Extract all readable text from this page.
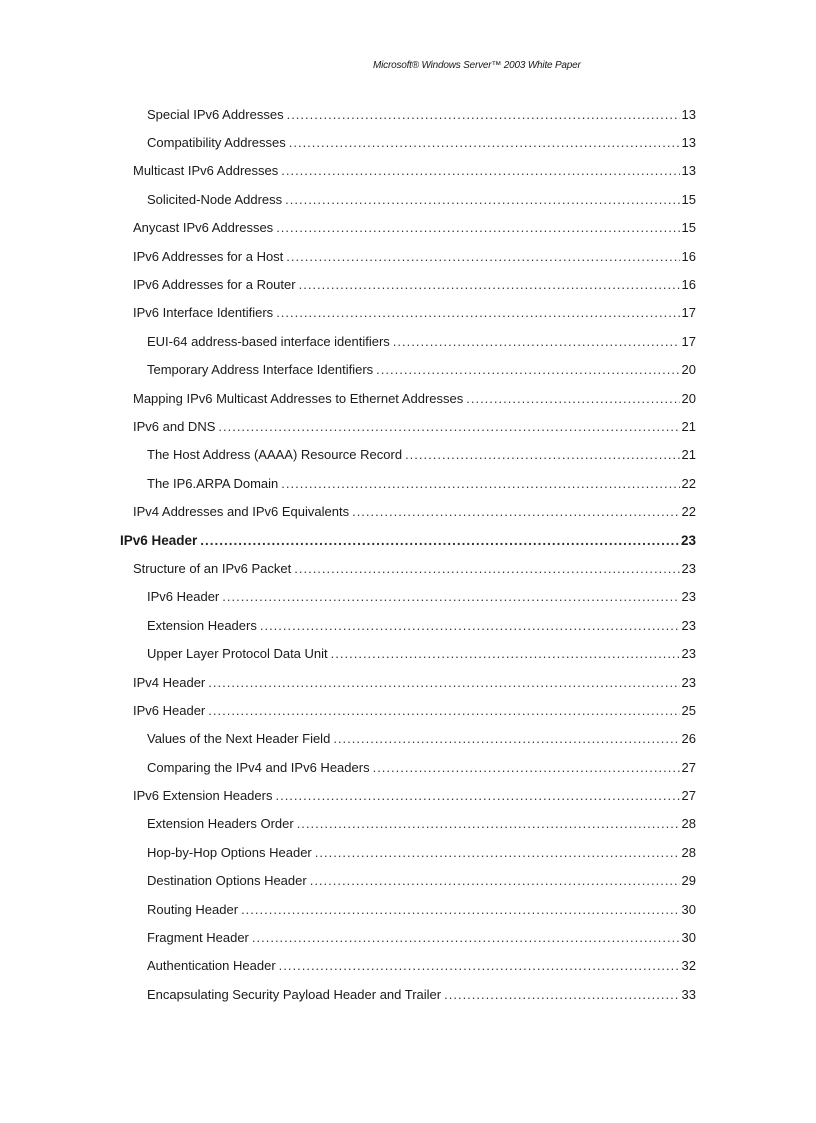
Microsoft® Windows Server™ 2003 White Paper
Special IPv6 Addresses .....	13
Compatibility Addresses .....	13
Multicast IPv6 Addresses .....	13
Solicited-Node Address .....	15
Anycast IPv6 Addresses .....	15
IPv6 Addresses for a Host .....	16
IPv6 Addresses for a Router .....	16
IPv6 Interface Identifiers .....	17
EUI-64 address-based interface identifiers .....	17
Temporary Address Interface Identifiers .....	20
Mapping IPv6 Multicast Addresses to Ethernet Addresses .....	20
IPv6 and DNS .....	21
The Host Address (AAAA) Resource Record .....	21
The IP6.ARPA Domain .....	22
IPv4 Addresses and IPv6 Equivalents .....	22
IPv6 Header .....	23
Structure of an IPv6 Packet .....	23
IPv6 Header .....	23
Extension Headers .....	23
Upper Layer Protocol Data Unit .....	23
IPv4 Header .....	23
IPv6 Header .....	25
Values of the Next Header Field .....	26
Comparing the IPv4 and IPv6 Headers .....	27
IPv6 Extension Headers .....	27
Extension Headers Order .....	28
Hop-by-Hop Options Header .....	28
Destination Options Header .....	29
Routing Header .....	30
Fragment Header .....	30
Authentication Header .....	32
Encapsulating Security Payload Header and Trailer .....	33
